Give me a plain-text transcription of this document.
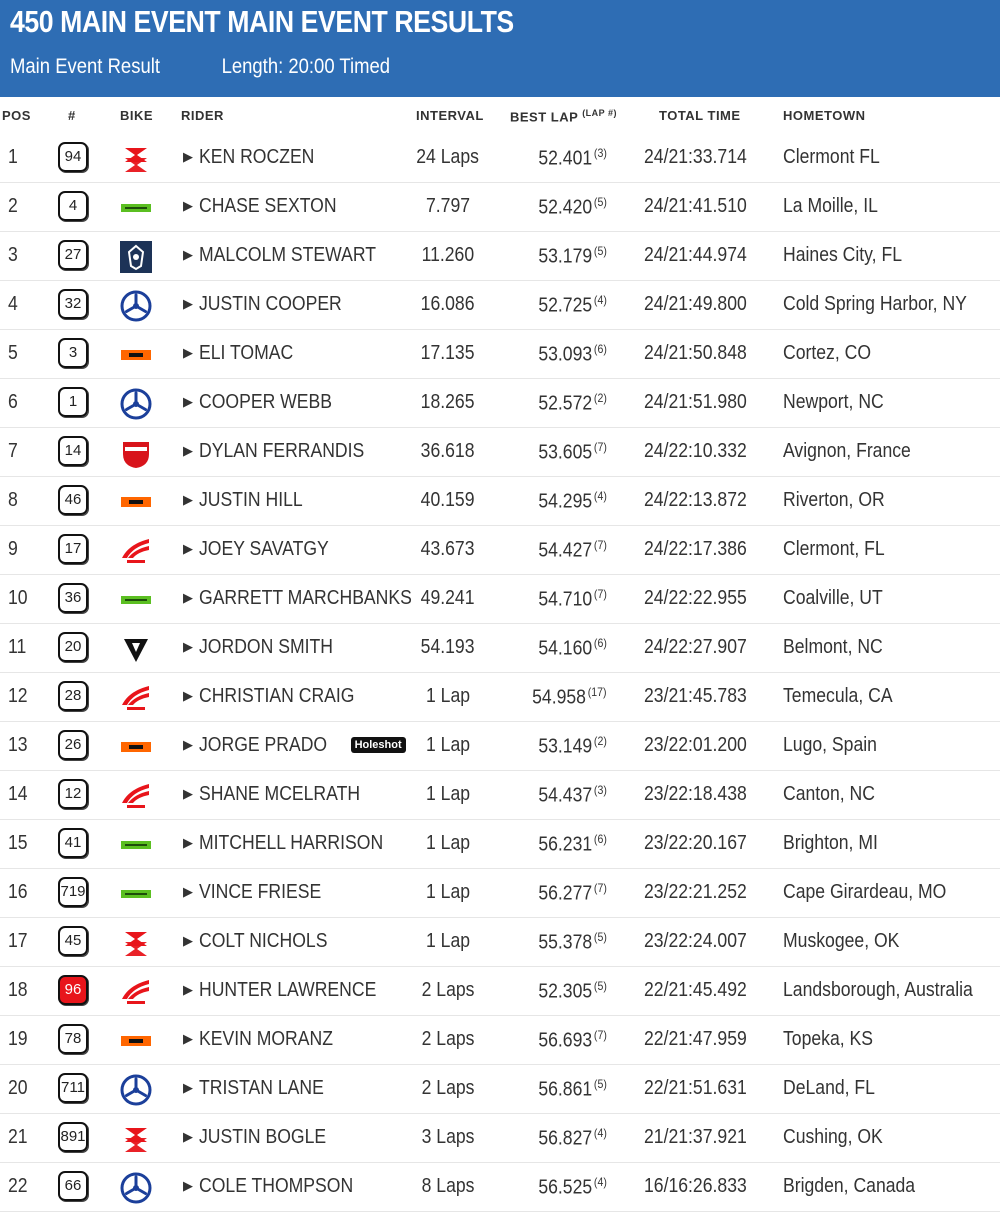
450 MAIN EVENT MAIN EVENT RESULTS
Main Event Result	Length: 20:00 Timed
POS	#	BIKE RIDER	INTERVAL BEST LAP $^{(LAP \#)}$	TOTAL TIME	HOMETOWN
1	94	▶ KEN ROCZEN	24 Laps	52.401 $^{(3)}$ 24/21:33.714	Clermont FL
2	4	▶ CHASE SEXTON	7.797	52.420 $^{(5)}$ 24/21:41.510	La Moille, IL
3	27	▶ MALCOLM STEWART	11.260	53.179 $^{(5)}$ 24/21:44.974	Haines City, FL
4	32	▶ JUSTIN COOPER	16.086	52.725 $^{(4)}$ 24/21:49.800	Cold Spring Harbor, NY
5	3	▶ ELI TOMAC	17.135	53.093 $^{(6)}$ 24/21:50.848	Cortez, CO
6	1	▶ COOPER WEBB	18.265	52.572 $^{(2)}$ 24/21:51.980	Newport, NC
7	14	▶ DYLAN FERRANDIS	36.618	53.605 $^{(7)}$ 24/22:10.332	Avignon, France
8	46	▶ JUSTIN HILL	40.159	54.295 $^{(4)}$ 24/22:13.872	Riverton, OR
9	17	▶ JOEY SAVATGY	43.673	54.427 $^{(7)}$ 24/22:17.386	Clermont, FL
10	36	▶ GARRETT MARCHBANKS 49.241	54.710 $^{(7)}$ 24/22:22.955	Coalville, UT
11	20	▶ JORDON SMITH	54.193	54.160 $^{(6)}$ 24/22:27.907	Belmont, NC
12	28	▶ CHRISTIAN CRAIG	1 Lap	54.958 $^{(17)}$ 23/21:45.783	Temecula, CA
13	26	▶ JORGE PRADO Holeshot	1 Lap	53.149 $^{(2)}$ 23/22:01.200	Lugo, Spain
14	12	▶ SHANE MCELRATH	1 Lap	54.437 $^{(3)}$ 23/22:18.438	Canton, NC
15	41	▶ MITCHELL HARRISON	1 Lap	56.231 $^{(6)}$ 23/22:20.167	Brighton, MI
16	719	▶ VINCE FRIESE	1 Lap	56.277 $^{(7)}$ 23/22:21.252	Cape Girardeau, MO
17	45	▶ COLT NICHOLS	1 Lap	55.378 $^{(5)}$ 23/22:24.007	Muskogee, OK
18	96	▶ HUNTER LAWRENCE	2 Laps	52.305 $^{(5)}$ 22/21:45.492	Landsborough, Australia
19	78	▶ KEVIN MORANZ	2 Laps	56.693 $^{(7)}$ 22/21:47.959	Topeka, KS
20	711	▶ TRISTAN LANE	2 Laps	56.861 $^{(5)}$ 22/21:51.631	DeLand, FL
21	891	▶ JUSTIN BOGLE	3 Laps	56.827 $^{(4)}$ 21/21:37.921	Cushing, OK
22	66	▶ COLE THOMPSON	8 Laps	56.525 $^{(4)}$ 16/16:26.833	Brigden, Canada
